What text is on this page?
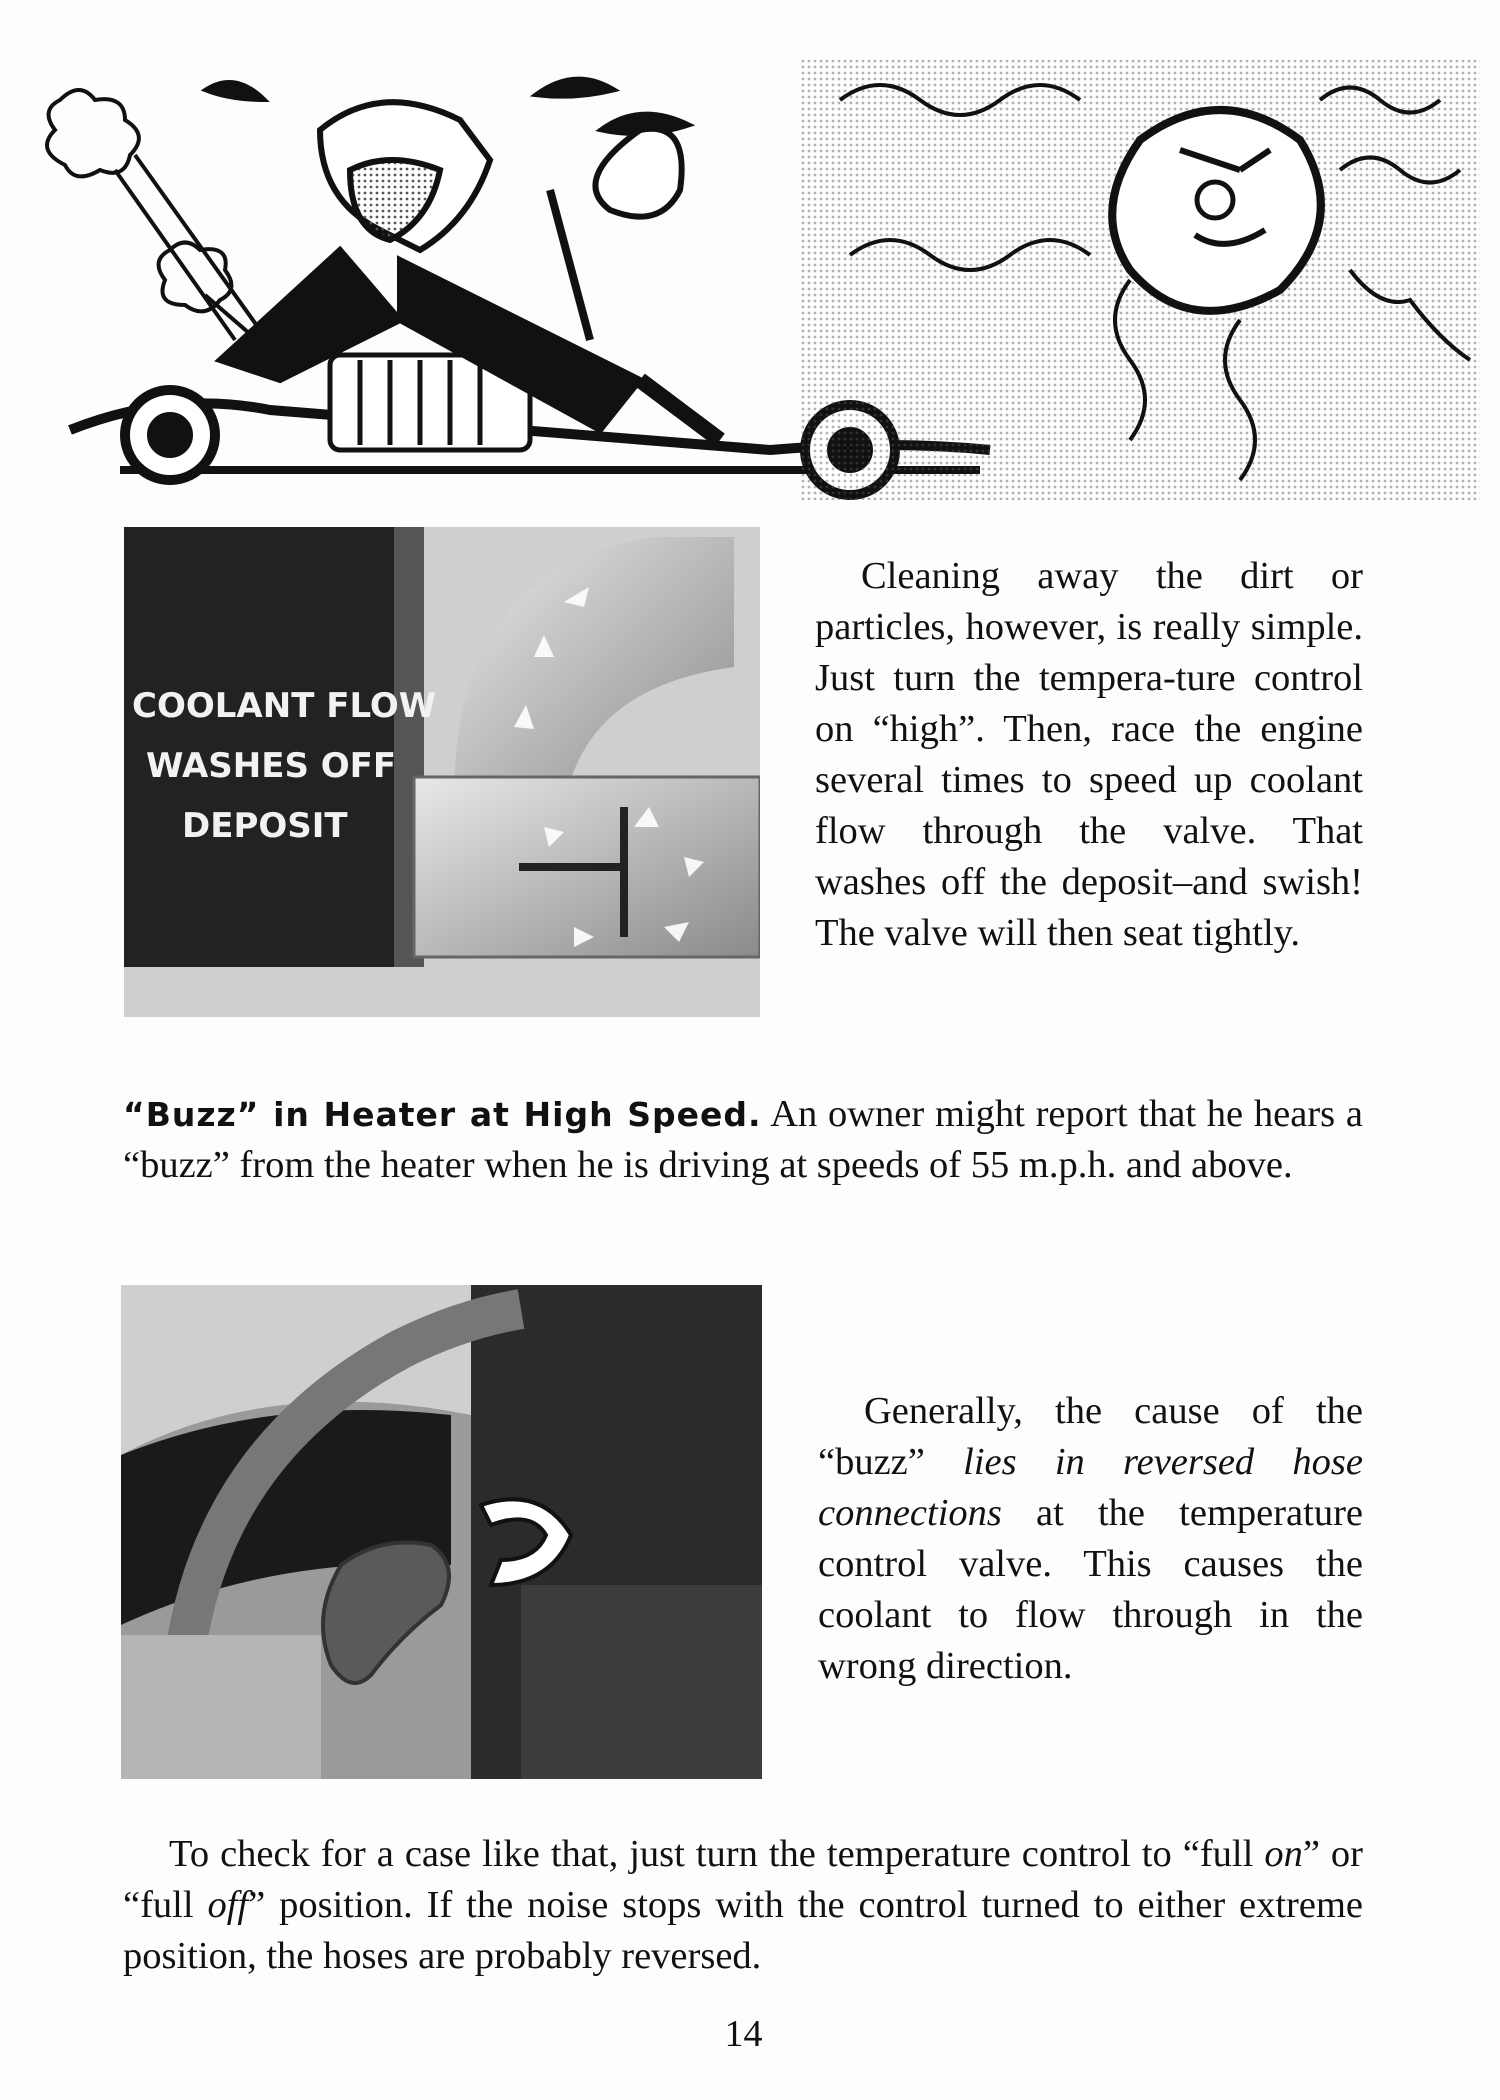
COOLANT FLOW
WASHES OFF
DEPOSIT
Cleaning away the dirt or particles, however, is really simple. Just turn the tempera-ture control on “high”. Then, race the engine several times to speed up coolant flow through the valve. That washes off the deposit–and swish! The valve will then seat tightly.
“Buzz” in Heater at High Speed. An owner might report that he hears a “buzz” from the heater when he is driving at speeds of 55 m.p.h. and above.
Generally, the cause of the “buzz” lies in reversed hose connections at the temperature control valve. This causes the coolant to flow through in the wrong direction.
To check for a case like that, just turn the temperature control to “full on” or “full off” position. If the noise stops with the control turned to either extreme position, the hoses are probably reversed.
14
